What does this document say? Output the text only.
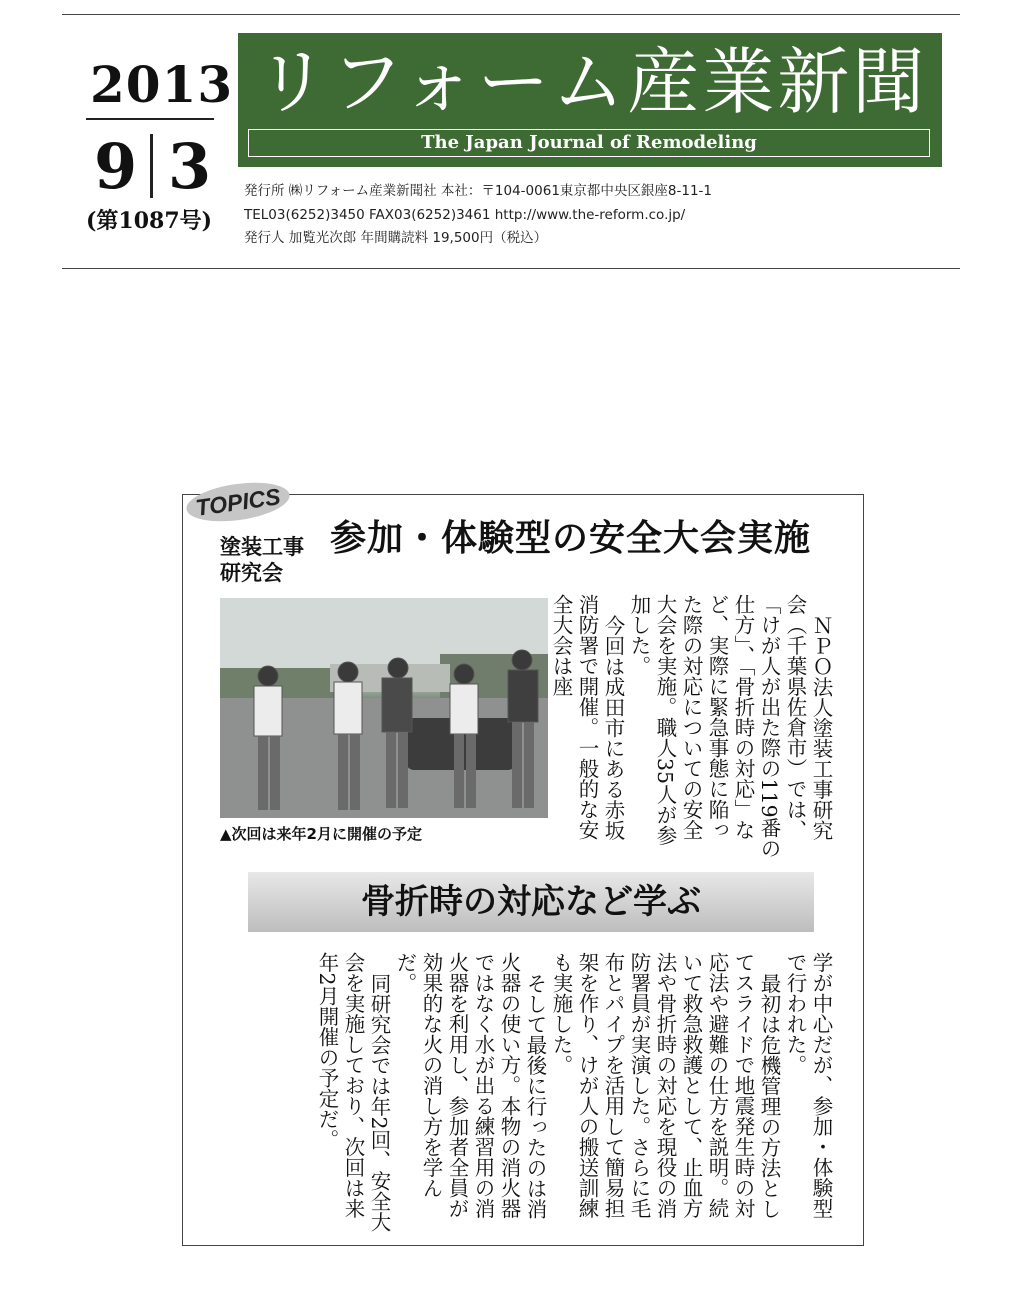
2013
9 3
(第1087号)
リフォーム産業新聞
The Japan Journal of Remodeling
発行所 ㈱リフォーム産業新聞社 本社：〒104-0061東京都中央区銀座8-11-1
TEL03(6252)3450 FAX03(6252)3461 http://www.the-reform.co.jp/
発行人 加覧光次郎 年間購読料 19,500円（税込）
TOPICS
塗装工事
研究会
参加・体験型の安全大会実施
▲次回は来年2月に開催の予定	ＮＰＯ法人塗装工事研究会（千葉県佐倉市）では、「けが人が出た際の119番の仕方」、「骨折時の対応」など、実際に緊急事態に陥った際の対応についての安全大会を実施。職人35人が参加した。

今回は成田市にある赤坂消防署で開催。一般的な安全大会は座

骨折時の対応など学ぶ

学が中心だが、参加・体験型で行われた。

最初は危機管理の方法としてスライドで地震発生時の対応法や避難の仕方を説明。続いて救急救護として、止血方法や骨折時の対応を現役の消防署員が実演した。さらに毛布とパイプを活用して簡易担架を作り、けが人の搬送訓練も実施した。

そして最後に行ったのは消火器の使い方。本物の消火器ではなく水が出る練習用の消火器を利用し、参加者全員が効果的な火の消し方を学んだ。

同研究会では年2回、安全大会を実施しており、次回は来年2月開催の予定だ。
